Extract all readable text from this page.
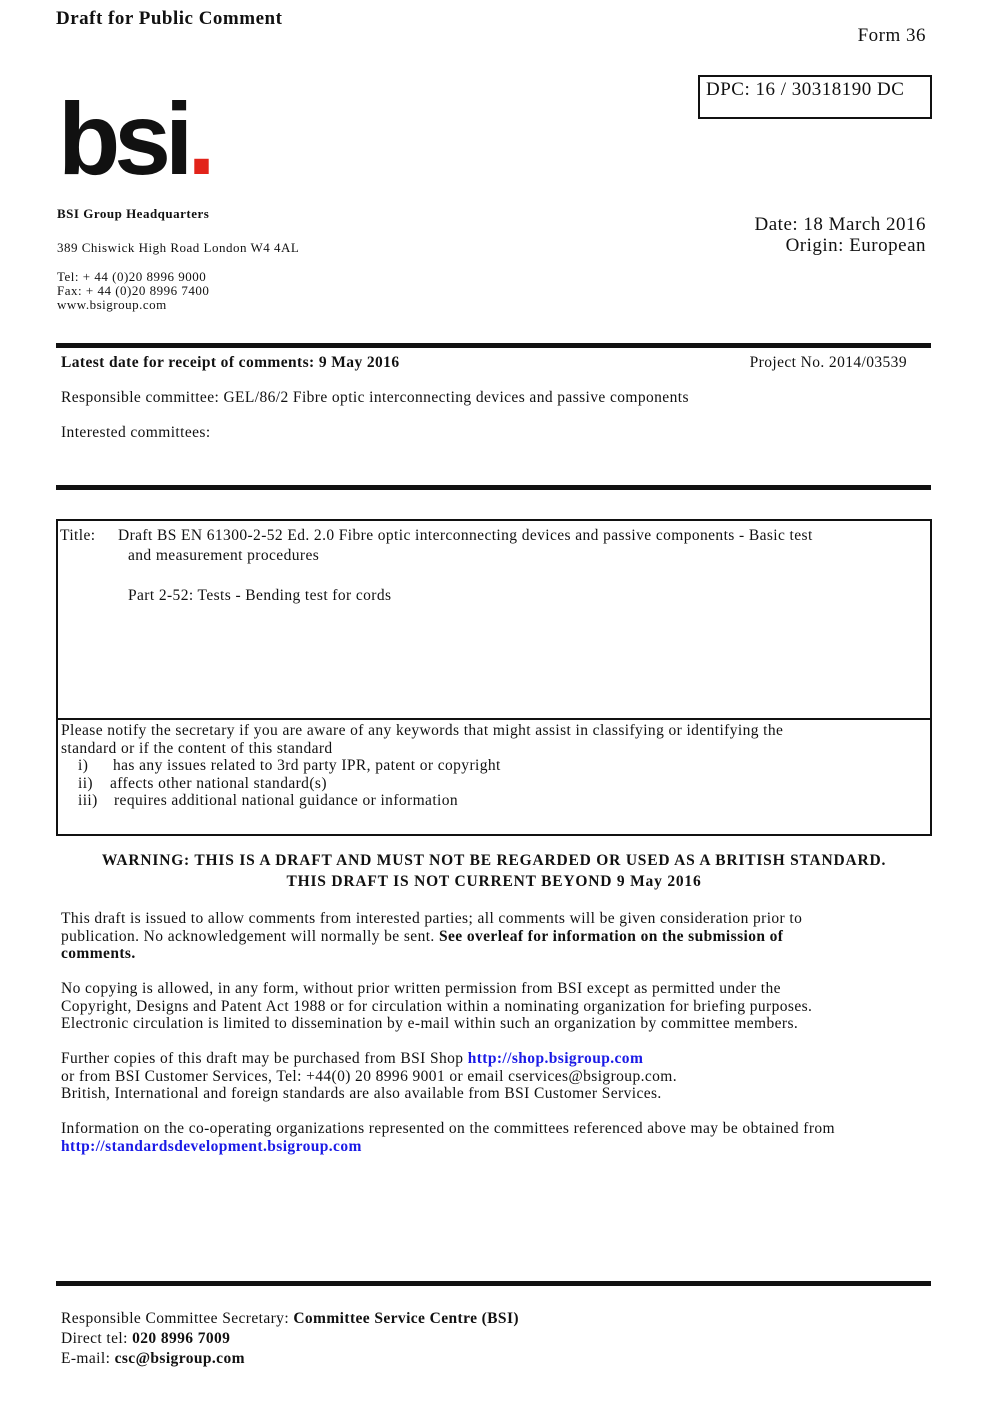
Draft for Public Comment
Form 36
DPC: 16 / 30318190 DC
bsi.
BSI Group Headquarters
389 Chiswick High Road London W4 4AL
Tel: + 44 (0)20 8996 9000
Fax: + 44 (0)20 8996 7400
www.bsigroup.com
Date: 18 March 2016
Origin: European
Latest date for receipt of comments: 9 May 2016	Project No. 2014/03539
Responsible committee: GEL/86/2 Fibre optic interconnecting devices and passive components
Interested committees:
Title: Draft BS EN 61300-2-52 Ed. 2.0 Fibre optic interconnecting devices and passive components - Basic test
and measurement procedures
Part 2-52: Tests - Bending test for cords
Please notify the secretary if you are aware of any keywords that might assist in classifying or identifying the
standard or if the content of this standard
i) has any issues related to 3rd party IPR, patent or copyright
ii) affects other national standard(s)
iii) requires additional national guidance or information
WARNING: THIS IS A DRAFT AND MUST NOT BE REGARDED OR USED AS A BRITISH STANDARD.
THIS DRAFT IS NOT CURRENT BEYOND 9 May 2016
This draft is issued to allow comments from interested parties; all comments will be given consideration prior to
publication. No acknowledgement will normally be sent. See overleaf for information on the submission of
comments.
No copying is allowed, in any form, without prior written permission from BSI except as permitted under the
Copyright, Designs and Patent Act 1988 or for circulation within a nominating organization for briefing purposes.
Electronic circulation is limited to dissemination by e-mail within such an organization by committee members.
Further copies of this draft may be purchased from BSI Shop http://shop.bsigroup.com
or from BSI Customer Services, Tel: +44(0) 20 8996 9001 or email cservices@bsigroup.com.
British, International and foreign standards are also available from BSI Customer Services.
Information on the co-operating organizations represented on the committees referenced above may be obtained from
http://standardsdevelopment.bsigroup.com
Responsible Committee Secretary: Committee Service Centre (BSI)
Direct tel: 020 8996 7009
E-mail: csc@bsigroup.com
